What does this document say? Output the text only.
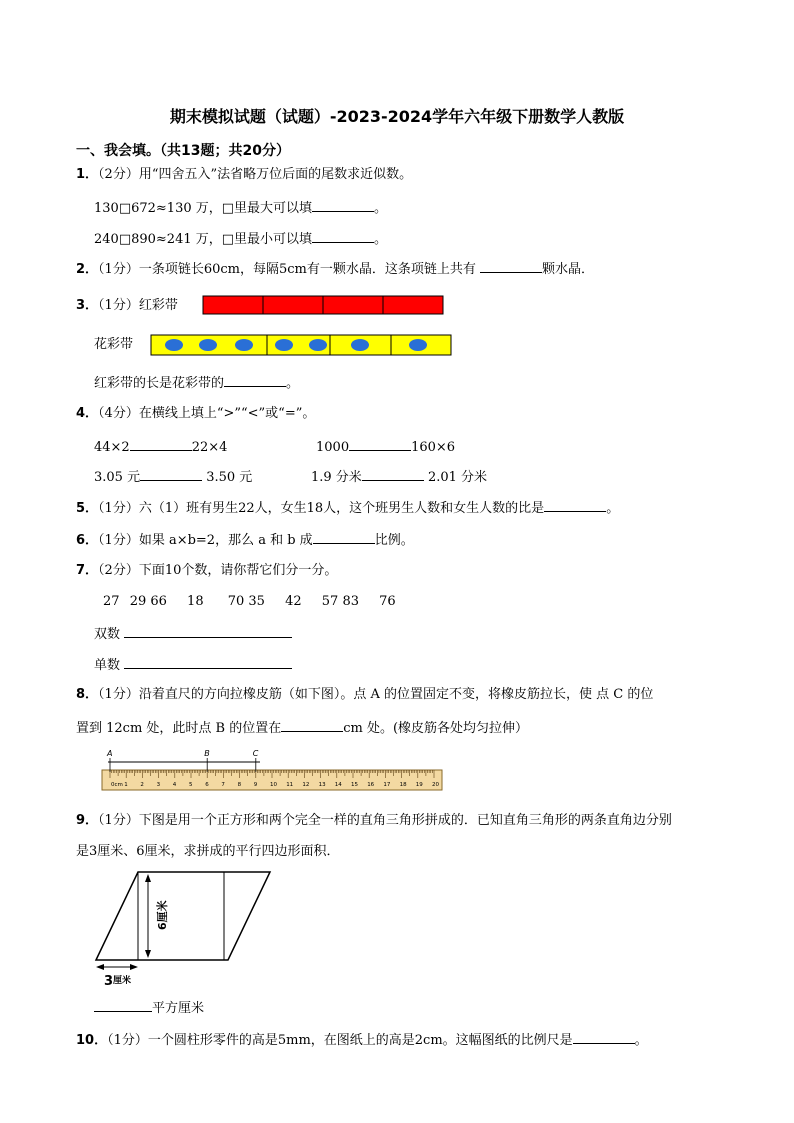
期末模拟试题（试题）-2023-2024学年六年级下册数学人教版
一、我会填。（共13题；共20分）
1．（2分）用“四舍五入”法省略万位后面的尾数求近似数。
130□672≈130 万，□里最大可以填	。
240□890≈241 万，□里最小可以填	。
2．（1分）一条项链长60cm，每隔5cm有一颗水晶．这条项链上共有	颗水晶．
3．（1分）红彩带
花彩带
红彩带的长是花彩带的	。
4．（4分）在横线上填上“>”“<”或“=”。
44×2	22×4	1000	160×6
3.05 元	3.50 元	1.9 分米	2.01 分米
5．（1分）六（1）班有男生22人，女生18人，这个班男生人数和女生人数的比是	。
6．（1分）如果 a×b=2，那么 a 和 b 成	比例。
7．（2分）下面10个数，请你帮它们分一分。
27 29 66 18 70 35 42 57 83 76
双数
单数
8．（1分）沿着直尺的方向拉橡皮筋（如下图）。点 A 的位置固定不变，将橡皮筋拉长，使 点 C 的位
置到 12cm 处，此时点 B 的位置在	cm 处。(橡皮筋各处均匀拉伸）
0cm 1 2 3 4 5 6 7 8 9 10 11 12 13 14 15 16 17 18 19 20
A	B	C
9．（1分）下图是用一个正方形和两个完全一样的直角三角形拼成的．已知直角三角形的两条直角边分别
是3厘米、6厘米，求拼成的平行四边形面积．
6厘米
3 厘米
平方厘米
10．（1分）一个圆柱形零件的高是5mm，在图纸上的高是2cm。这幅图纸的比例尺是	。
